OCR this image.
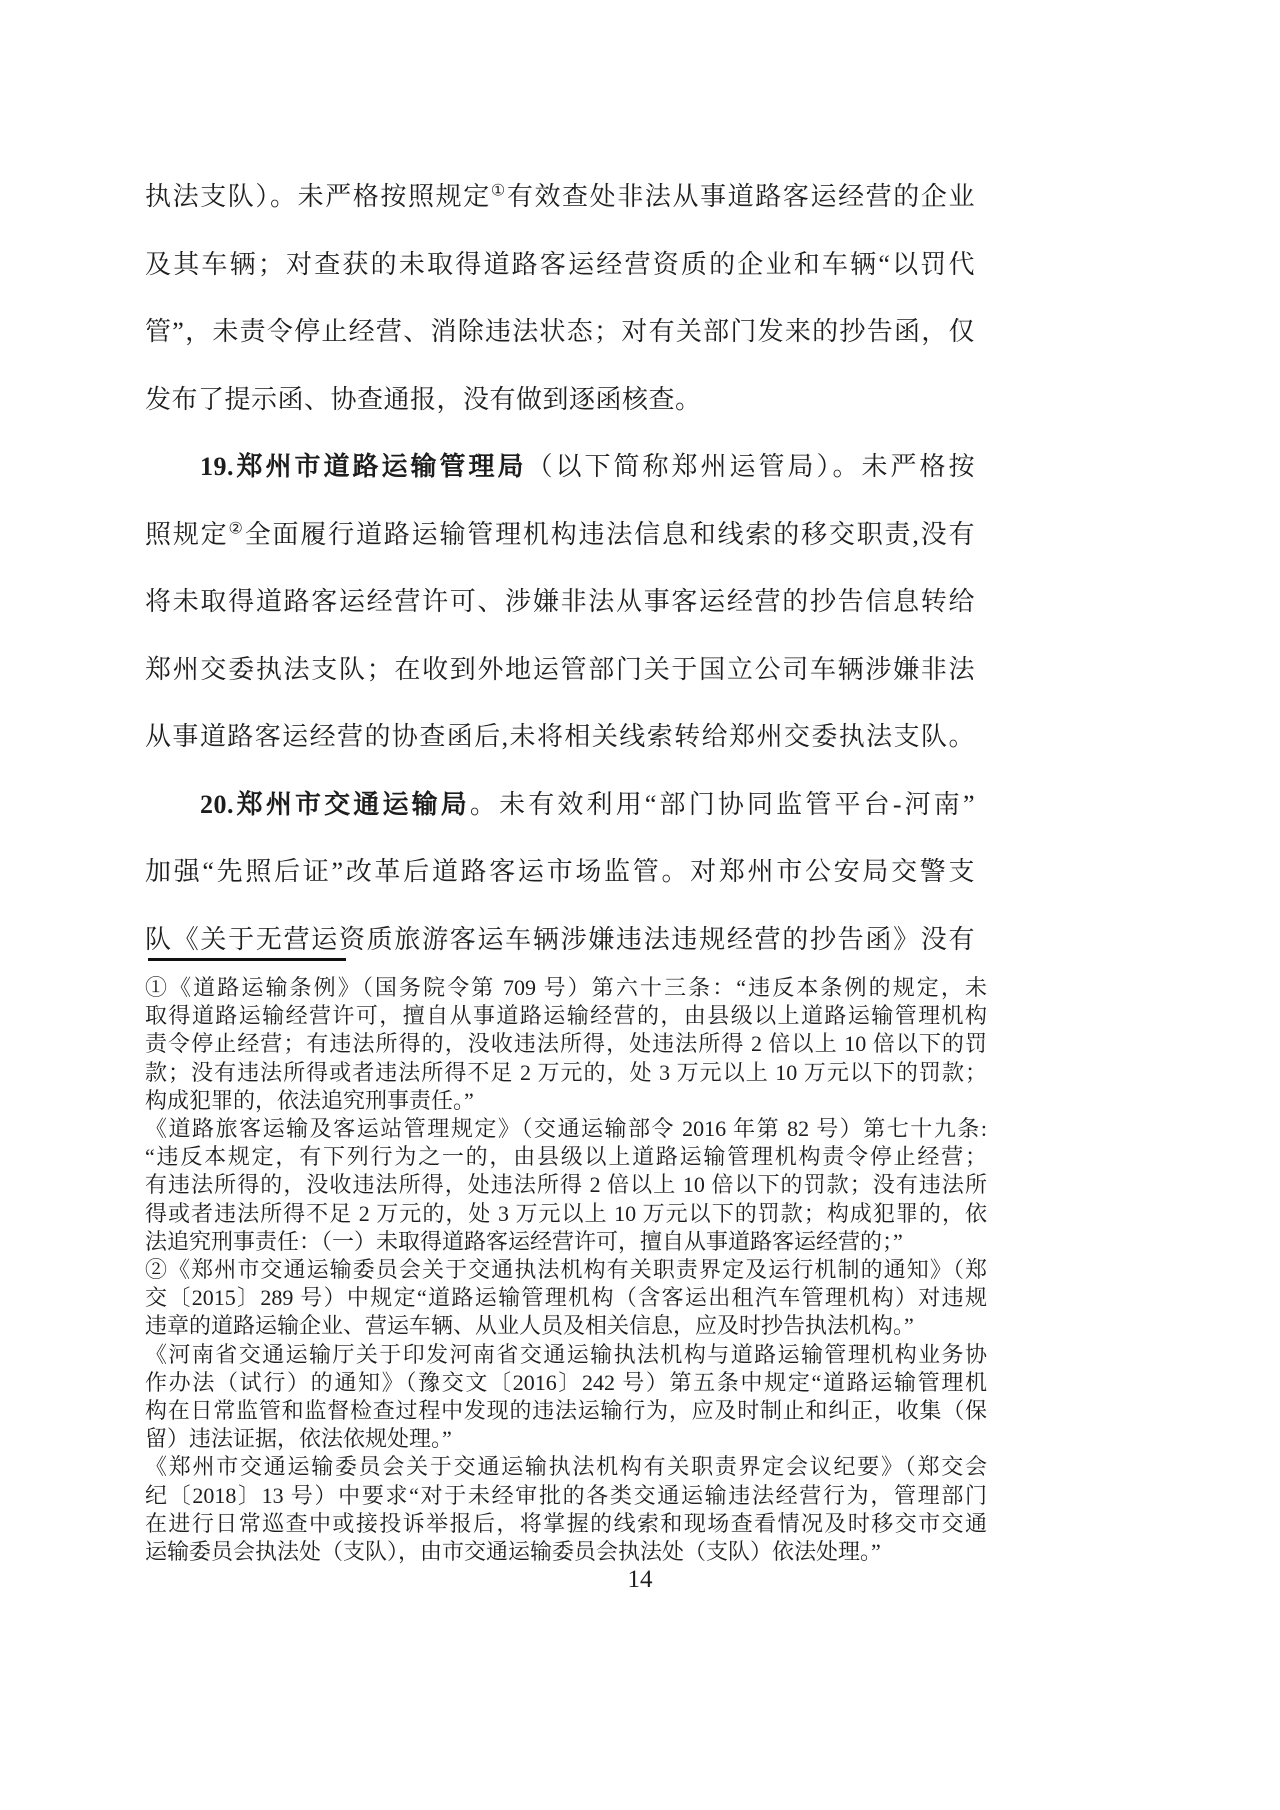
执法支队）。未严格按照规定①有效查处非法从事道路客运经营的企业
及其车辆；对查获的未取得道路客运经营资质的企业和车辆“以罚代
管”，未责令停止经营、消除违法状态；对有关部门发来的抄告函，仅
发布了提示函、协查通报，没有做到逐函核查。
19.郑州市道路运输管理局（以下简称郑州运管局）。未严格按
照规定②全面履行道路运输管理机构违法信息和线索的移交职责,没有
将未取得道路客运经营许可、涉嫌非法从事客运经营的抄告信息转给
郑州交委执法支队；在收到外地运管部门关于国立公司车辆涉嫌非法
从事道路客运经营的协查函后,未将相关线索转给郑州交委执法支队。
20.郑州市交通运输局。未有效利用“部门协同监管平台-河南”
加强“先照后证”改革后道路客运市场监管。对郑州市公安局交警支
队《关于无营运资质旅游客运车辆涉嫌违法违规经营的抄告函》没有
①《道路运输条例》（国务院令第 709 号）第六十三条：“违反本条例的规定，未
取得道路运输经营许可，擅自从事道路运输经营的，由县级以上道路运输管理机构
责令停止经营；有违法所得的，没收违法所得，处违法所得 2 倍以上 10 倍以下的罚
款；没有违法所得或者违法所得不足 2 万元的，处 3 万元以上 10 万元以下的罚款；
构成犯罪的，依法追究刑事责任。”
《道路旅客运输及客运站管理规定》（交通运输部令 2016 年第 82 号）第七十九条:
“违反本规定，有下列行为之一的，由县级以上道路运输管理机构责令停止经营；
有违法所得的，没收违法所得，处违法所得 2 倍以上 10 倍以下的罚款；没有违法所
得或者违法所得不足 2 万元的，处 3 万元以上 10 万元以下的罚款；构成犯罪的，依
法追究刑事责任：（一）未取得道路客运经营许可，擅自从事道路客运经营的；”
②《郑州市交通运输委员会关于交通执法机构有关职责界定及运行机制的通知》（郑
交〔2015〕289 号）中规定“道路运输管理机构（含客运出租汽车管理机构）对违规
违章的道路运输企业、营运车辆、从业人员及相关信息，应及时抄告执法机构。”
《河南省交通运输厅关于印发河南省交通运输执法机构与道路运输管理机构业务协
作办法（试行）的通知》（豫交文〔2016〕242 号）第五条中规定“道路运输管理机
构在日常监管和监督检查过程中发现的违法运输行为，应及时制止和纠正，收集（保
留）违法证据，依法依规处理。”
《郑州市交通运输委员会关于交通运输执法机构有关职责界定会议纪要》（郑交会
纪〔2018〕13 号）中要求“对于未经审批的各类交通运输违法经营行为，管理部门
在进行日常巡查中或接投诉举报后，将掌握的线索和现场查看情况及时移交市交通
运输委员会执法处（支队），由市交通运输委员会执法处（支队）依法处理。”
14
